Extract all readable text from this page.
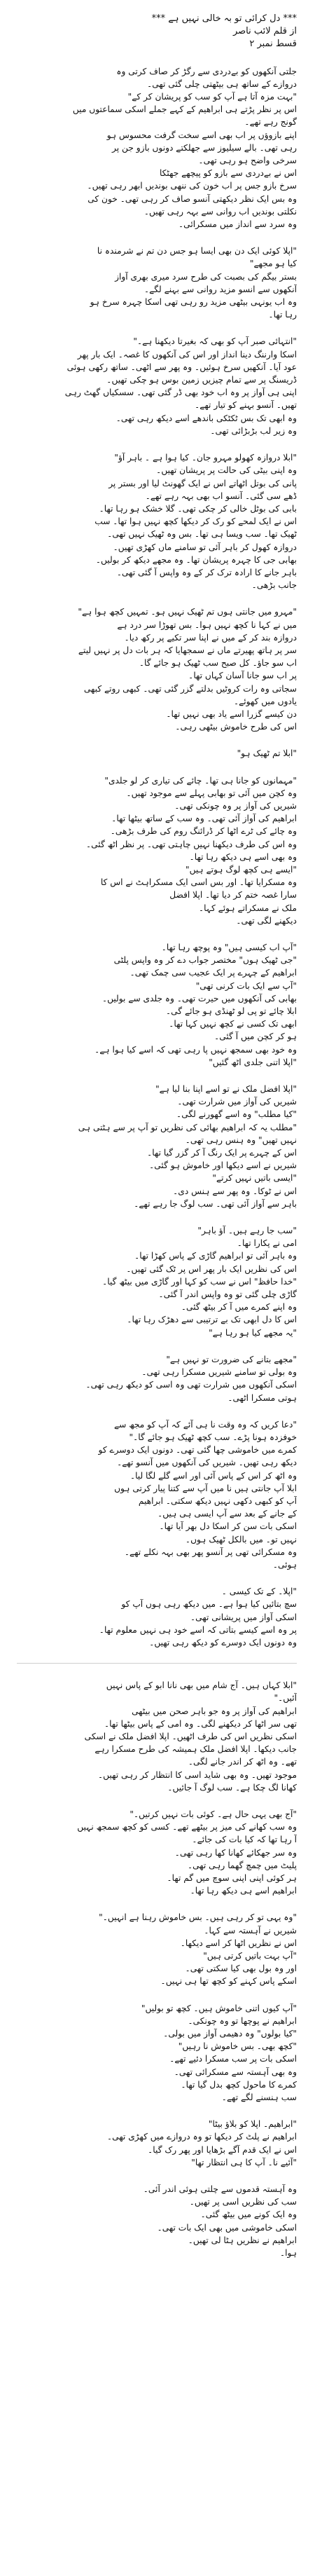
*** دل کرائی تو بہ خالی نہیں ہے ***
از قلم لائب ناصر
قسط نمبر ۲
جلتی آنکھوں کو بےدردی سے رگڑ کر صاف کرتی وہ
دروازے کے ساتھ ہی بیٹھتی چلی گئی تھی۔
"بہت مزہ آتا ہے آپ کو سب کو پریشان کر کے"
اس پر نظر پڑتے ہی ابراھیم کے کہے جملے اسکی سماعتوں میں
گونج رہے تھے۔
اپنے بازوؤں پر اب بھی اسے سخت گرفت محسوس ہو
رہی تھی۔ بالے سیلیوز سے جھلکتے دونوں بازو جن پر
سرخی واضح ہو رہی تھی۔
اس نے بےدردی سے بازو کو پیچھے جھٹکا
سرخ بازو جس پر اب خون کی ننھی بوندیں ابھر رہی تھیں۔
وہ بس ایک نظر دیکھتی آنسو صاف کر رہی تھی۔ خون کی
نکلتی بوندیں اب روانی سے بہہ رہی تھیں۔
وہ سرد سے انداز میں مسکرائی۔
"اپلا کوئی ایک دن بھی ایسا ہو جس دن تم نے شرمندہ نا
کیا ہو مجھے"
بستر بیگم کی بصبت کی طرح سرد میری بھری آواز
آنکھوں سے انسو مزید روانی سے بہنے لگے۔
وہ اب یونہی بیٹھی مزید رو رہی تھی اسکا چہرہ سرخ ہو
رہا تھا۔
"انتہائی صبر آپ کو بھی کہ بغیرتا دیکھنا ہے۔"
اسکا وارننگ دینا انداز اور اس کی آنکھوں کا غصہ۔ ایک بار پھر
عود آیا۔ آنکھیں سرخ ہوئیں۔ وہ پھر سے اٹھی۔ ساتھ رکھی ہوئی
ڈریسنگ پر سے تمام چیزیں زمین بوس ہو چکی تھیں۔
اپنی ہی آواز پر وہ اب خود بھی ڈر گئی تھی۔ سسکیاں گھٹ رہی
تھیں۔ آنسو بہنے کو تیار تھے۔
وہ ابھی تک بس ٹکٹکی باندھے اسے دیکھ رہی تھی۔
وہ زیر لب بڑبڑائی تھی۔
"ابلا دروازہ کھولو مہرو جان۔ کیا ہوا ہے ۔ باہر آؤ"
وہ اپنی بیٹی کی حالت پر پریشان تھیں۔
پانی کی بوتل اٹھاتے اس نے ایک گھونٹ لیا اور بستر پر
ڈھے سی گئی۔ آنسو اب بھی بہہ رہے تھے۔
بابی کی بوٹل خالی کر چکی تھی۔ گلا خشک ہو رہا تھا۔
اس نے ایک لمحے کو رک کر دیکھا کچھ نہیں ہوا تھا۔ سب
ٹھیک تھا۔ سب ویسا ہی تھا۔ بس وہ ٹھیک نہیں تھی۔
دروازہ کھول کر باہر آئی تو سامنے ماں کھڑی تھیں۔
بھابی جی کا چہرہ پریشان تھا۔ وہ مجھے دیکھ کر بولیں۔
باہر جانے کا ارادہ ترک کر کے وہ واپس آ گئی تھی۔
جانب بڑھی۔
"مہرو میں جانتی ہوں تم ٹھیک نہیں ہو۔ تمہیں کچھ ہوا ہے"
میں نے کہا نا کچھ نہیں ہوا۔ بس تھوڑا سر درد ہے
دروازہ بند کر کے میں نے اپنا سر تکیے پر رکھ دیا۔
سر پر ہاتھ پھیرتے ماں نے سمجھایا کہ ہر بات دل پر نہیں لیتے
اب سو جاؤ۔ کل صبح سب ٹھیک ہو جائے گا۔
پر اب سو جانا آسان کہاں تھا۔
سجاتی وہ رات کروٹیں بدلتے گزر گئی تھی۔ کبھی روتے کبھی
یادوں میں کھوئے۔
دن کیسے گزرا اسے یاد بھی نہیں تھا۔
اس کی طرح خاموش بیٹھی رہی۔
"ابلا تم ٹھیک ہو"
"مہمانوں کو جانا ہی تھا۔ چائے کی تیاری کر لو جلدی"
وہ کچن میں آئی تو بھابی پہلے سے موجود تھیں۔
شیریں کی آواز پر وہ چونکی تھی۔
ابراھیم کی آواز آئی تھی۔ وہ سب کے ساتھ بیٹھا تھا۔
وہ چائے کی ٹرے اٹھا کر ڈرائنگ روم کی طرف بڑھی۔
وہ اس کی طرف دیکھنا نہیں چاہتی تھی۔ پر نظر اٹھ گئی۔
وہ بھی اسے ہی دیکھ رہا تھا۔
"ایسے ہی کچھ لوگ ہوتے ہیں"
وہ مسکرایا تھا۔ اور بس اسی ایک مسکراہٹ نے اس کا
سارا غصہ ختم کر دیا تھا۔ اپلا افضل
ملک نے مسکراتے ہوئے کہا۔
دیکھنے لگی تھی۔
"آپ اب کیسی ہیں" وہ پوچھ رہا تھا۔
"جی ٹھیک ہوں" مختصر جواب دے کر وہ واپس پلٹی
ابراھیم کے چہرے پر ایک عجیب سی چمک تھی۔
"آپ سے ایک بات کرنی تھی"
بھابی کی آنکھوں میں حیرت تھی۔ وہ جلدی سے بولیں۔
ابلا چائے تو پی لو ٹھنڈی ہو جائے گی۔
ابھی تک کسی نے کچھ نہیں کہا تھا۔
ہو کر کچن میں آ گئی۔
وہ خود بھی سمجھ نہیں پا رہی تھی کہ اسے کیا ہوا ہے۔
"اپلا اتنی جلدی اٹھ گئیں"
"اپلا افضل ملک نے تو اسے اپنا بنا لیا ہے"
شیریں کی آواز میں شرارت تھی۔
"کیا مطلب" وہ اسے گھورنے لگی۔
"مطلب یہ کہ ابراھیم بھائی کی نظریں تو آپ پر سے ہٹتی ہی
نہیں تھیں" وہ ہنس رہی تھی۔
اس کے چہرے پر ایک رنگ آ کر گزر گیا تھا۔
شیریں نے اسے دیکھا اور خاموش ہو گئی۔
"ایسی باتیں نہیں کرتے"
اس نے ٹوکا۔ وہ پھر سے ہنس دی۔
باہر سے آواز آئی تھی۔ سب لوگ جا رہے تھے۔
"سب جا رہے ہیں۔ آؤ باہر"
امی نے پکارا تھا۔
وہ باہر آئی تو ابراھیم گاڑی کے پاس کھڑا تھا۔
اس کی نظریں ایک بار پھر اس پر ٹک گئی تھیں۔
"خدا حافظ" اس نے سب کو کہا اور گاڑی میں بیٹھ گیا۔
گاڑی چلی گئی تو وہ واپس اندر آ گئی۔
وہ اپنے کمرے میں آ کر بیٹھ گئی۔
اس کا دل ابھی تک بے ترتیبی سے دھڑک رہا تھا۔
"یہ مجھے کیا ہو رہا ہے"
"مجھے بتانے کی ضرورت تو نہیں ہے"
وہ بولی تو سامنے شیریں مسکرا رہی تھی۔
اسکی آنکھوں میں شرارت تھی وہ اسی کو دیکھ رہی تھی۔
ہوتی مسکرا اٹھی۔
"دعا کریں کہ وہ وقت نا ہی آئے کہ آپ کو مجھ سے
خوفزدہ ہونا پڑے۔ سب کچھ ٹھیک ہو جائے گا۔"
کمرے میں خاموشی چھا گئی تھی۔ دونوں ایک دوسرے کو
دیکھ رہی تھیں۔ شیریں کی آنکھوں میں آنسو تھے۔
وہ اٹھ کر اس کے پاس آئی اور اسے گلے لگا لیا۔
ابلا آپ جانتی ہیں نا میں آپ سے کتنا پیار کرتی ہوں
آپ کو کبھی دکھی نہیں دیکھ سکتی۔ ابراھیم
کے جانے کے بعد سے آپ ایسی ہی ہیں۔
اسکی بات سن کر اسکا دل بھر آیا تھا۔
نہیں تو۔ میں بالکل ٹھیک ہوں۔
وہ مسکرائی تھی پر آنسو پھر بھی بہہ نکلے تھے۔
ہوئی۔
"اپلا۔ کے تک کیسی ۔
سچ بتائیں کیا ہوا ہے۔ میں دیکھ رہی ہوں آپ کو
اسکی آواز میں پریشانی تھی۔
پر وہ اسے کیسے بتاتی کہ اسے خود ہی نہیں معلوم تھا۔
وہ دونوں ایک دوسرے کو دیکھ رہی تھیں۔
"ابلا کہاں ہیں۔ آج شام میں بھی نانا ابو کے پاس نہیں
آئیں۔"
ابراھیم کی آواز پر وہ جو باہر صحن میں بیٹھی
تھی سر اٹھا کر دیکھنے لگی۔ وہ امی کے پاس بیٹھا تھا۔
اسکی نظریں اس کی طرف اٹھیں۔ اپلا افضل ملک نے اسکی
جانب دیکھا۔ اپلا افضل ملک ہمیشہ کی طرح مسکرا رہے
تھے۔ وہ اٹھ کر اندر جانے لگی۔
موجود تھیں۔ وہ بھی شاید اسی کا انتظار کر رہی تھیں۔
کھانا لگ چکا ہے۔ سب لوگ آ جائیں۔
"آج بھی یہی حال ہے۔ کوئی بات نہیں کرتیں۔"
وہ سب کھانے کی میز پر بیٹھے تھے۔ کسی کو کچھ سمجھ نہیں
آ رہا تھا کہ کیا بات کی جائے۔
وہ سر جھکائے کھانا کھا رہی تھی۔
پلیٹ میں چمچ گھما رہی تھی۔
ہر کوئی اپنی اپنی سوچ میں گم تھا۔
ابراھیم اسے ہی دیکھ رہا تھا۔
"وہ یہی تو کر رہی ہیں۔ بس خاموش رہنا ہے انہیں۔"
شیریں نے آہستہ سے کہا۔
اس نے نظریں اٹھا کر اسے دیکھا۔
"آپ بہت باتیں کرتی ہیں"
اور وہ بول بھی کیا سکتی تھی۔
اسکے پاس کہنے کو کچھ تھا ہی نہیں۔
"آپ کیوں اتنی خاموش ہیں۔ کچھ تو بولیں"
ابراھیم نے پوچھا تو وہ چونکی۔
"کیا بولوں" وہ دھیمی آواز میں بولی۔
"کچھ بھی۔ بس خاموش نا رہیں"
اسکی بات پر سب مسکرا دئیے تھے۔
وہ بھی آہستہ سے مسکرائی تھی۔
کمرے کا ماحول کچھ بدل گیا تھا۔
سب ہنسنے لگے تھے۔
"ابراھیم۔ اپلا کو بلاؤ بیٹا"
ابراھیم نے پلٹ کر دیکھا تو وہ دروازے میں کھڑی تھی۔
اس نے ایک قدم آگے بڑھایا اور پھر رک گیا۔
"آئیے نا۔ آپ کا ہی انتظار تھا"
وہ آہستہ قدموں سے چلتی ہوئی اندر آئی۔
سب کی نظریں اسی پر تھیں۔
وہ ایک کونے میں بیٹھ گئی۔
اسکی خاموشی میں بھی ایک بات تھی۔
ابراھیم نے نظریں ہٹا لی تھیں۔
ہوا۔
